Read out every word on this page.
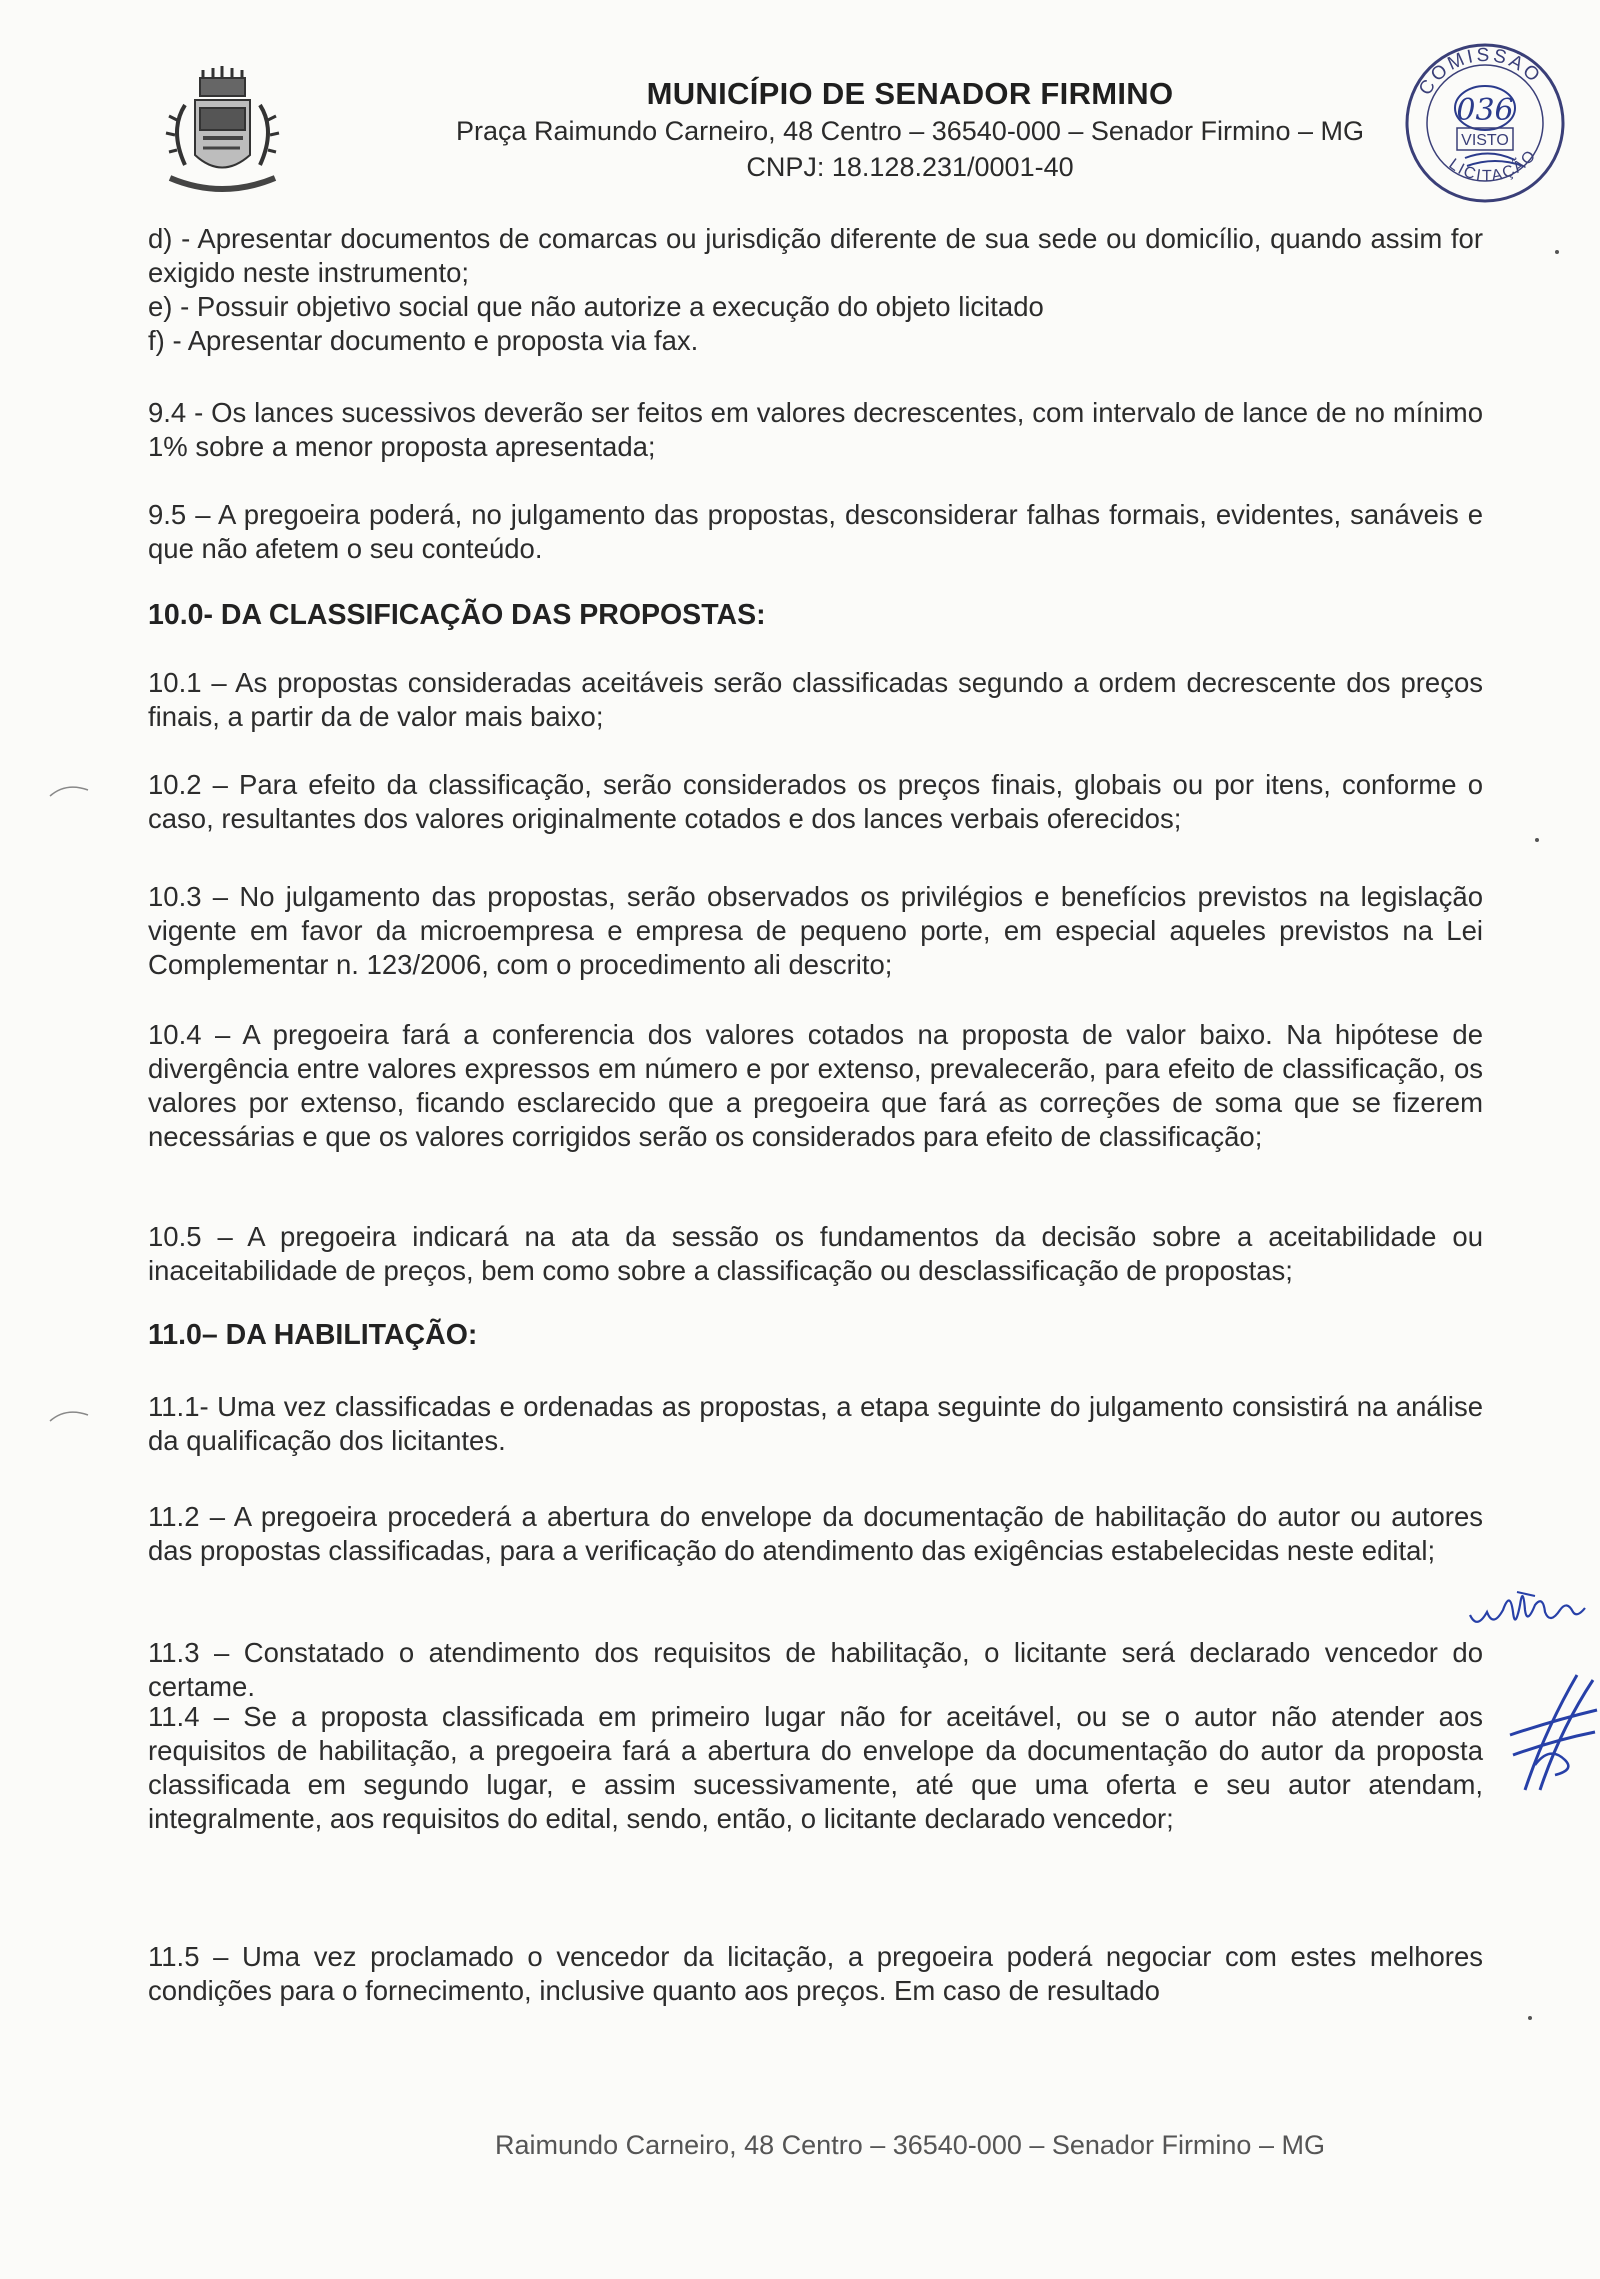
MUNICÍPIO DE SENADOR FIRMINO
Praça Raimundo Carneiro, 48 Centro – 36540-000 – Senador Firmino – MG
CNPJ: 18.128.231/0001-40
COMISSÃO
036
VISTO
LICITAÇÃO
d) - Apresentar documentos de comarcas ou jurisdição diferente de sua sede ou domicílio, quando assim for exigido neste instrumento;
e) - Possuir objetivo social que não autorize a execução do objeto licitado
f) - Apresentar documento e proposta via fax.
9.4 - Os lances sucessivos deverão ser feitos em valores decrescentes, com intervalo de lance de no mínimo 1% sobre a menor proposta apresentada;
9.5 – A pregoeira poderá, no julgamento das propostas, desconsiderar falhas formais, evidentes, sanáveis e que não afetem o seu conteúdo.
10.0- DA CLASSIFICAÇÃO DAS PROPOSTAS:
10.1 – As propostas consideradas aceitáveis serão classificadas segundo a ordem decrescente dos preços finais, a partir da de valor mais baixo;
10.2 – Para efeito da classificação, serão considerados os preços finais, globais ou por itens, conforme o caso, resultantes dos valores originalmente cotados e dos lances verbais oferecidos;
10.3 – No julgamento das propostas, serão observados os privilégios e benefícios previstos na legislação vigente em favor da microempresa e empresa de pequeno porte, em especial aqueles previstos na Lei Complementar n. 123/2006, com o procedimento ali descrito;
10.4 – A pregoeira fará a conferencia dos valores cotados na proposta de valor baixo. Na hipótese de divergência entre valores expressos em número e por extenso, prevalecerão, para efeito de classificação, os valores por extenso, ficando esclarecido que a pregoeira que fará as correções de soma que se fizerem necessárias e que os valores corrigidos serão os considerados para efeito de classificação;
10.5 – A pregoeira indicará na ata da sessão os fundamentos da decisão sobre a aceitabilidade ou inaceitabilidade de preços, bem como sobre a classificação ou desclassificação de propostas;
11.0– DA HABILITAÇÃO:
11.1- Uma vez classificadas e ordenadas as propostas, a etapa seguinte do julgamento consistirá na análise da qualificação dos licitantes.
11.2 – A pregoeira procederá a abertura do envelope da documentação de habilitação do autor ou autores das propostas classificadas, para a verificação do atendimento das exigências estabelecidas neste edital;
11.3 – Constatado o atendimento dos requisitos de habilitação, o licitante será declarado vencedor do certame.
11.4 – Se a proposta classificada em primeiro lugar não for aceitável, ou se o autor não atender aos requisitos de habilitação, a pregoeira fará a abertura do envelope da documentação do autor da proposta classificada em segundo lugar, e assim sucessivamente, até que uma oferta e seu autor atendam, integralmente, aos requisitos do edital, sendo, então, o licitante declarado vencedor;
11.5 – Uma vez proclamado o vencedor da licitação, a pregoeira poderá negociar com estes melhores condições para o fornecimento, inclusive quanto aos preços. Em caso de resultado
Raimundo Carneiro, 48 Centro – 36540-000 – Senador Firmino – MG
